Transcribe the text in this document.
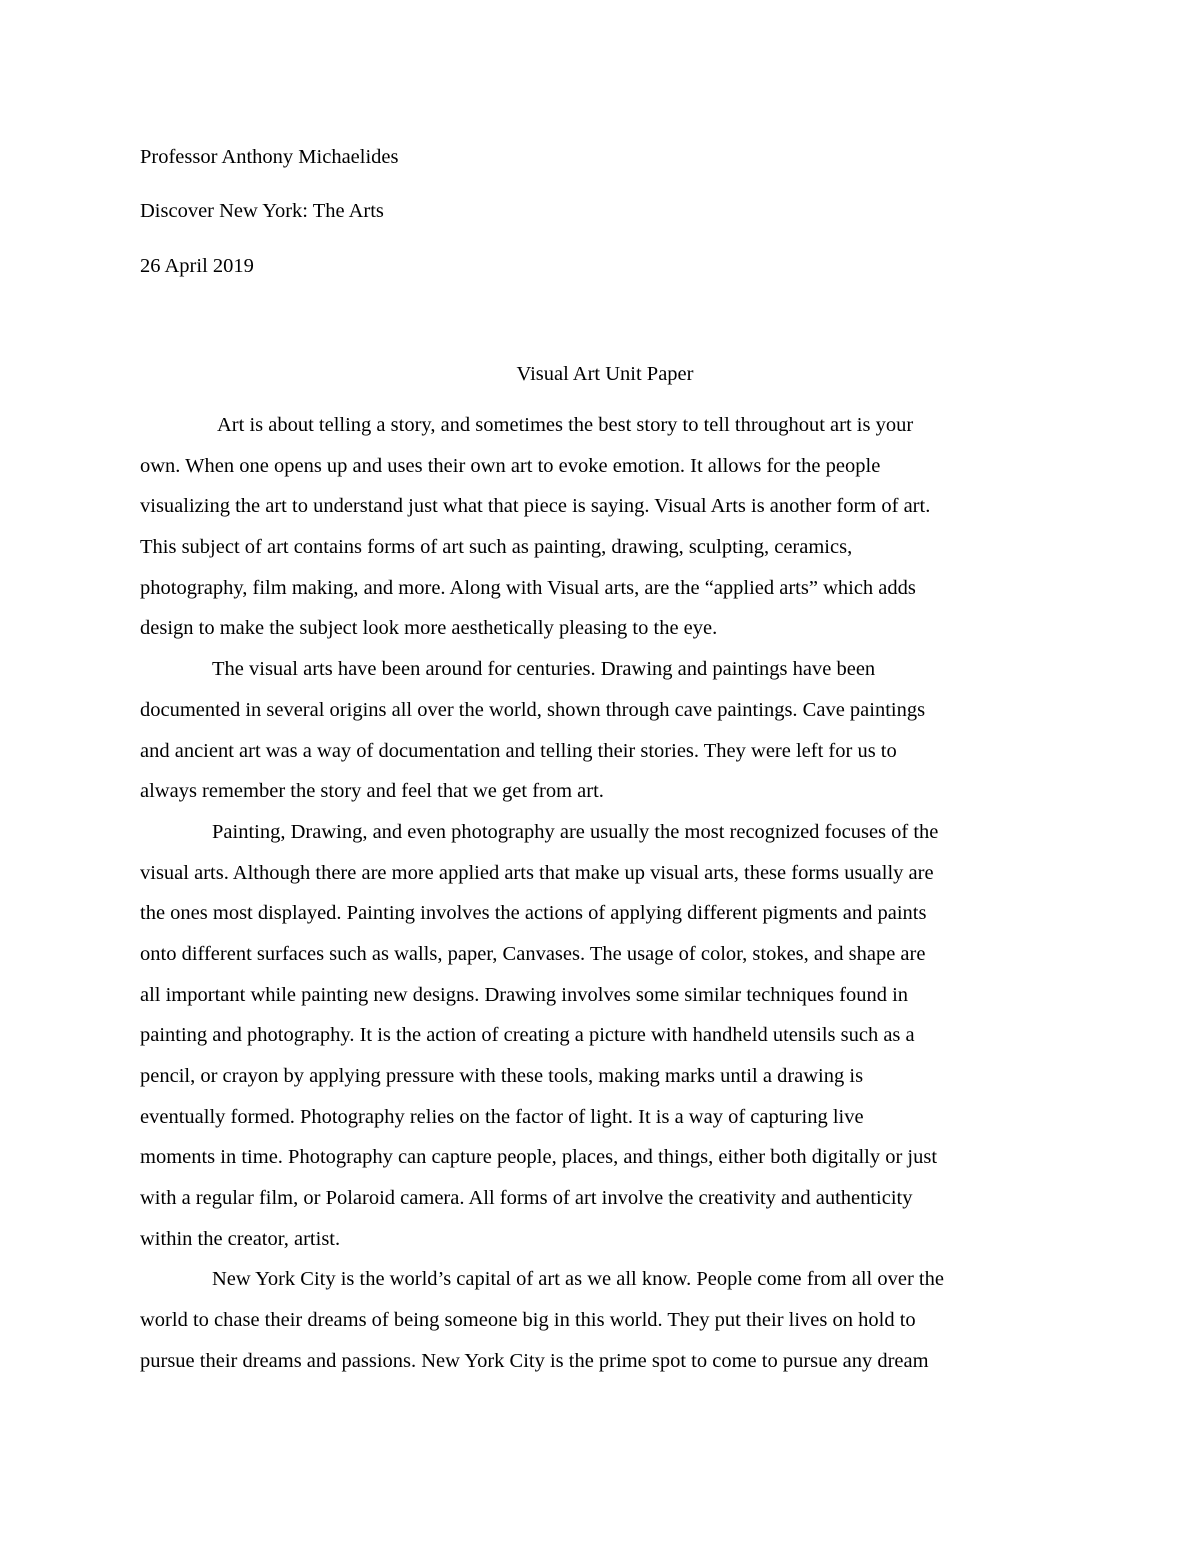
Professor Anthony Michaelides

Discover New York: The Arts

26 April 2019

Visual Art Unit Paper
Art is about telling a story, and sometimes the best story to tell throughout art is your
own. When one opens up and uses their own art to evoke emotion. It allows for the people
visualizing the art to understand just what that piece is saying. Visual Arts is another form of art.
This subject of art contains forms of art such as painting, drawing, sculpting, ceramics,
photography, film making, and more. Along with Visual arts, are the “applied arts” which adds
design to make the subject look more aesthetically pleasing to the eye.
The visual arts have been around for centuries. Drawing and paintings have been
documented in several origins all over the world, shown through cave paintings. Cave paintings
and ancient art was a way of documentation and telling their stories. They were left for us to
always remember the story and feel that we get from art.
Painting, Drawing, and even photography are usually the most recognized focuses of the
visual arts. Although there are more applied arts that make up visual arts, these forms usually are
the ones most displayed. Painting involves the actions of applying different pigments and paints
onto different surfaces such as walls, paper, Canvases. The usage of color, stokes, and shape are
all important while painting new designs. Drawing involves some similar techniques found in
painting and photography. It is the action of creating a picture with handheld utensils such as a
pencil, or crayon by applying pressure with these tools, making marks until a drawing is
eventually formed. Photography relies on the factor of light. It is a way of capturing live
moments in time. Photography can capture people, places, and things, either both digitally or just
with a regular film, or Polaroid camera. All forms of art involve the creativity and authenticity
within the creator, artist.
New York City is the world’s capital of art as we all know. People come from all over the
world to chase their dreams of being someone big in this world. They put their lives on hold to
pursue their dreams and passions. New York City is the prime spot to come to pursue any dream
